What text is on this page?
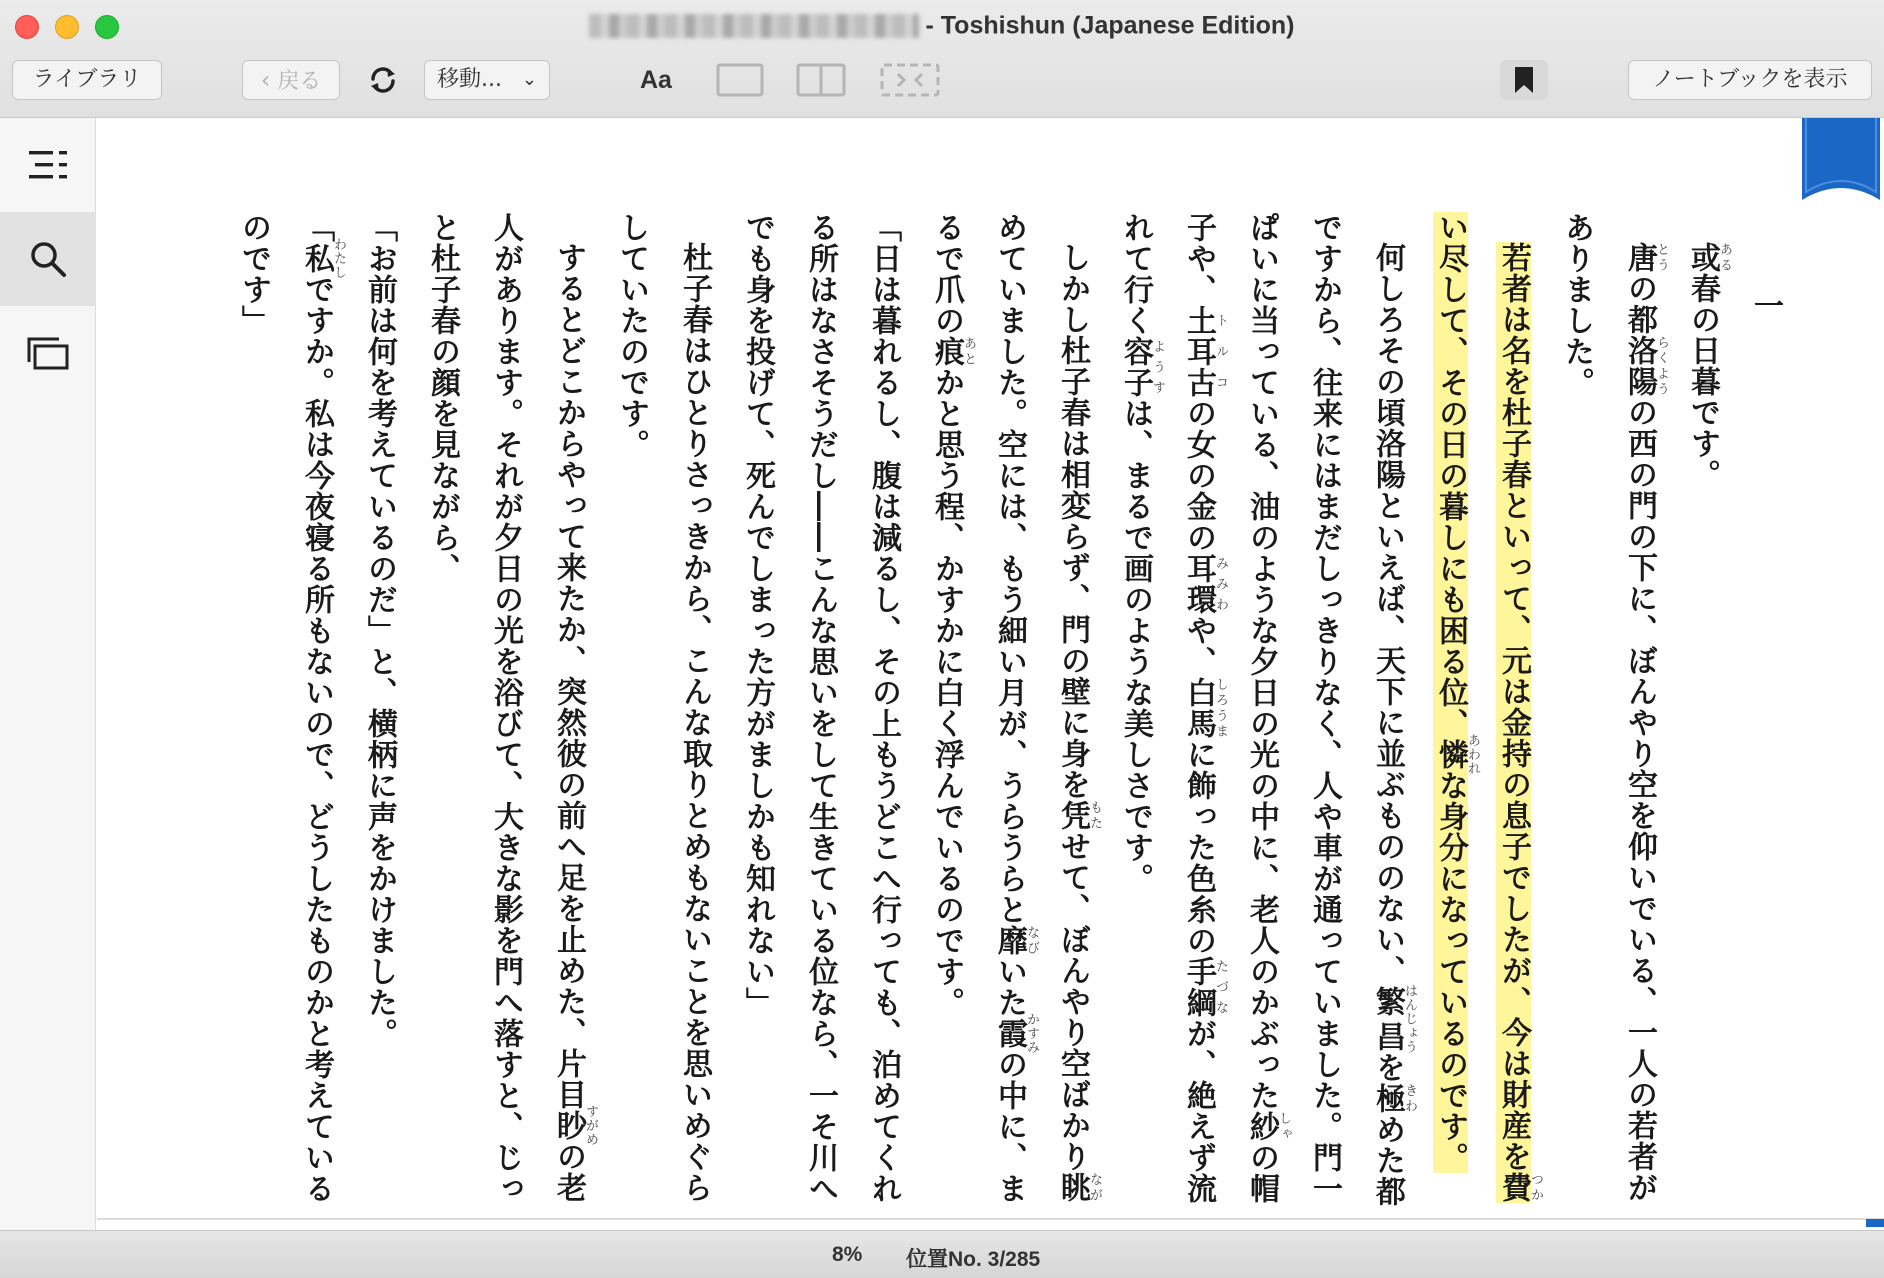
- Toshishun (Japanese Edition)
ライブラリ	‹ 戻る	移動... ⌄	Aa	ノートブックを表示

一

或ある春の日暮です。

唐とうの都洛陽らくようの西の門の下に、ぼんやり空を仰いでいる、一人の若者がありました。

若者は名を杜子春といって、元は金持の息子でしたが、今は財産を費つかい尽して、その日の暮しにも困る位、憐あわれな身分になっているのです。

何しろその頃洛陽といえば、天下に並ぶもののない、繁昌はんじょうを極きわめた都ですから、往来にはまだしっきりなく、人や車が通っていました。門一ぱいに当っている、油のような夕日の光の中に、老人のかぶった紗しゃの帽子や、土耳古トルコの女の金の耳環みみわや、白馬しろうまに飾った色糸の手綱たづなが、絶えず流れて行く容子ようすは、まるで画のような美しさです。

しかし杜子春は相変らず、門の壁に身を凭もたせて、ぼんやり空ばかり眺ながめていました。空には、もう細い月が、うらうらと靡なびいた霞かすみの中に、まるで爪の痕あとかと思う程、かすかに白く浮んでいるのです。

「日は暮れるし、腹は減るし、その上もうどこへ行っても、泊めてくれる所はなさそうだし――こんな思いをして生きている位なら、一そ川へでも身を投げて、死んでしまった方がましかも知れない」

杜子春はひとりさっきから、こんな取りとめもないことを思いめぐらしていたのです。

するとどこからやって来たか、突然彼の前へ足を止めた、片目眇すがめの老人があります。それが夕日の光を浴びて、大きな影を門へ落すと、じっと杜子春の顔を見ながら、

「お前は何を考えているのだ」と、横柄に声をかけました。

「私わたしですか。私は今夜寝る所もないので、どうしたものかと考えているのです」

8% 位置No. 3/285
